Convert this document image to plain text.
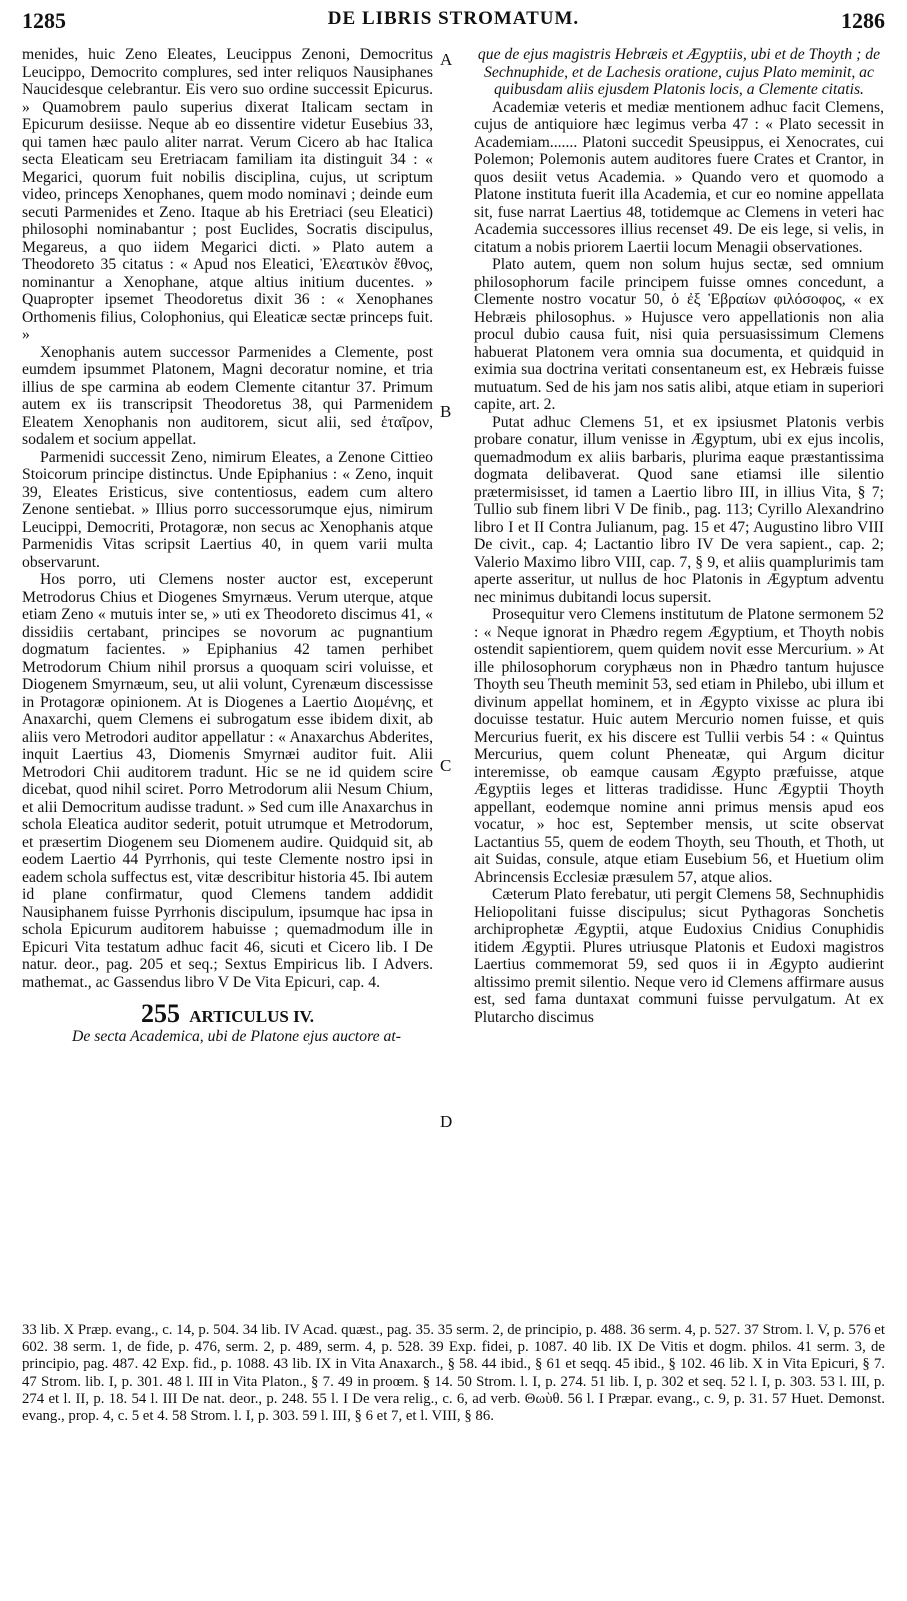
1285	DE LIBRIS STROMATUM.	1286
A
B
C
D

menides, huic Zeno Eleates, Leucippus Zenoni, Democritus Leucippo, Democrito complures, sed inter reliquos Nausiphanes Naucidesque celebrantur. Eis vero suo ordine successit Epicurus. » Quamobrem paulo superius dixerat Italicam sectam in Epicurum desiisse. Neque ab eo dissentire videtur Eusebius 33, qui tamen hæc paulo aliter narrat. Verum Cicero ab hac Italica secta Eleaticam seu Eretriacam familiam ita distinguit 34 : « Megarici, quorum fuit nobilis disciplina, cujus, ut scriptum video, princeps Xenophanes, quem modo nominavi ; deinde eum secuti Parmenides et Zeno. Itaque ab his Eretriaci (seu Eleatici) philosophi nominabantur ; post Euclides, Socratis discipulus, Megareus, a quo iidem Megarici dicti. » Plato autem a Theodoreto 35 citatus : « Apud nos Eleatici, Ἐλεατικὸν ἔθνος, nominantur a Xenophane, atque altius initium ducentes. » Quapropter ipsemet Theodoretus dixit 36 : « Xenophanes Orthomenis filius, Colophonius, qui Eleaticæ sectæ princeps fuit. »

Xenophanis autem successor Parmenides a Clemente, post eumdem ipsummet Platonem, Magni decoratur nomine, et tria illius de spe carmina ab eodem Clemente citantur 37. Primum autem ex iis transcripsit Theodoretus 38, qui Parmenidem Eleatem Xenophanis non auditorem, sicut alii, sed ἑταῖρον, sodalem et socium appellat.

Parmenidi successit Zeno, nimirum Eleates, a Zenone Cittieo Stoicorum principe distinctus. Unde Epiphanius : « Zeno, inquit 39, Eleates Eristicus, sive contentiosus, eadem cum altero Zenone sentiebat. » Illius porro successorumque ejus, nimirum Leucippi, Democriti, Protagoræ, non secus ac Xenophanis atque Parmenidis Vitas scripsit Laertius 40, in quem varii multa observarunt.

Hos porro, uti Clemens noster auctor est, exceperunt Metrodorus Chius et Diogenes Smyrnæus. Verum uterque, atque etiam Zeno « mutuis inter se, » uti ex Theodoreto discimus 41, « dissidiis certabant, principes se novorum ac pugnantium dogmatum facientes. » Epiphanius 42 tamen perhibet Metrodorum Chium nihil prorsus a quoquam sciri voluisse, et Diogenem Smyrnæum, seu, ut alii volunt, Cyrenæum discessisse in Protagoræ opinionem. At is Diogenes a Laertio Διομένης, et Anaxarchi, quem Clemens ei subrogatum esse ibidem dixit, ab aliis vero Metrodori auditor appellatur : « Anaxarchus Abderites, inquit Laertius 43, Diomenis Smyrnæi auditor fuit. Alii Metrodori Chii auditorem tradunt. Hic se ne id quidem scire dicebat, quod nihil sciret. Porro Metrodorum alii Nesum Chium, et alii Democritum audisse tradunt. » Sed cum ille Anaxarchus in schola Eleatica auditor sederit, potuit utrumque et Metrodorum, et præsertim Diogenem seu Diomenem audire. Quidquid sit, ab eodem Laertio 44 Pyrrhonis, qui teste Clemente nostro ipsi in eadem schola suffectus est, vitæ describitur historia 45. Ibi autem id plane confirmatur, quod Clemens tandem addidit Nausiphanem fuisse Pyrrhonis discipulum, ipsumque hac ipsa in schola Epicurum auditorem habuisse ; quemadmodum ille in Epicuri Vita testatum adhuc facit 46, sicuti et Cicero lib. I De natur. deor., pag. 205 et seq.; Sextus Empiricus lib. I Advers. mathemat., ac Gassendus libro V De Vita Epicuri, cap. 4.

255 ARTICULUS IV.

De secta Academica, ubi de Platone ejus auctore at-

que de ejus magistris Hebræis et Ægyptiis, ubi et de Thoyth ; de Sechnuphide, et de Lachesis oratione, cujus Plato meminit, ac quibusdam aliis ejusdem Platonis locis, a Clemente citatis.

Academiæ veteris et mediæ mentionem adhuc facit Clemens, cujus de antiquiore hæc legimus verba 47 : « Plato secessit in Academiam....... Platoni succedit Speusippus, ei Xenocrates, cui Polemon; Polemonis autem auditores fuere Crates et Crantor, in quos desiit vetus Academia. » Quando vero et quomodo a Platone instituta fuerit illa Academia, et cur eo nomine appellata sit, fuse narrat Laertius 48, totidemque ac Clemens in veteri hac Academia successores illius recenset 49. De eis lege, si velis, in citatum a nobis priorem Laertii locum Menagii observationes.

Plato autem, quem non solum hujus sectæ, sed omnium philosophorum facile principem fuisse omnes concedunt, a Clemente nostro vocatur 50, ὁ ἐξ Ἑβραίων φιλόσοφος, « ex Hebræis philosophus. » Hujusce vero appellationis non alia procul dubio causa fuit, nisi quia persuasissimum Clemens habuerat Platonem vera omnia sua documenta, et quidquid in eximia sua doctrina veritati consentaneum est, ex Hebræis fuisse mutuatum. Sed de his jam nos satis alibi, atque etiam in superiori capite, art. 2.

Putat adhuc Clemens 51, et ex ipsiusmet Platonis verbis probare conatur, illum venisse in Ægyptum, ubi ex ejus incolis, quemadmodum ex aliis barbaris, plurima eaque præstantissima dogmata delibaverat. Quod sane etiamsi ille silentio prætermisisset, id tamen a Laertio libro III, in illius Vita, § 7; Tullio sub finem libri V De finib., pag. 113; Cyrillo Alexandrino libro I et II Contra Julianum, pag. 15 et 47; Augustino libro VIII De civit., cap. 4; Lactantio libro IV De vera sapient., cap. 2; Valerio Maximo libro VIII, cap. 7, § 9, et aliis quamplurimis tam aperte asseritur, ut nullus de hoc Platonis in Ægyptum adventu nec minimus dubitandi locus supersit.

Prosequitur vero Clemens institutum de Platone sermonem 52 : « Neque ignorat in Phædro regem Ægyptium, et Thoyth nobis ostendit sapientiorem, quem quidem novit esse Mercurium. » At ille philosophorum coryphæus non in Phædro tantum hujusce Thoyth seu Theuth meminit 53, sed etiam in Philebo, ubi illum et divinum appellat hominem, et in Ægypto vixisse ac plura ibi docuisse testatur. Huic autem Mercurio nomen fuisse, et quis Mercurius fuerit, ex his discere est Tullii verbis 54 : « Quintus Mercurius, quem colunt Pheneatæ, qui Argum dicitur interemisse, ob eamque causam Ægypto præfuisse, atque Ægyptiis leges et litteras tradidisse. Hunc Ægyptii Thoyth appellant, eodemque nomine anni primus mensis apud eos vocatur, » hoc est, September mensis, ut scite observat Lactantius 55, quem de eodem Thoyth, seu Thouth, et Thoth, ut ait Suidas, consule, atque etiam Eusebium 56, et Huetium olim Abrincensis Ecclesiæ præsulem 57, atque alios.

Cæterum Plato ferebatur, uti pergit Clemens 58, Sechnuphidis Heliopolitani fuisse discipulus; sicut Pythagoras Sonchetis archiprophetæ Ægyptii, atque Eudoxius Cnidius Conuphidis itidem Ægyptii. Plures utriusque Platonis et Eudoxi magistros Laertius commemorat 59, sed quos ii in Ægypto audierint altissimo premit silentio. Neque vero id Clemens affirmare ausus est, sed fama duntaxat communi fuisse pervulgatum. At ex Plutarcho discimus

33 lib. X Præp. evang., c. 14, p. 504. 34 lib. IV Acad. quæst., pag. 35. 35 serm. 2, de principio, p. 488. 36 serm. 4, p. 527. 37 Strom. l. V, p. 576 et 602. 38 serm. 1, de fide, p. 476, serm. 2, p. 489, serm. 4, p. 528. 39 Exp. fidei, p. 1087. 40 lib. IX De Vitis et dogm. philos. 41 serm. 3, de principio, pag. 487. 42 Exp. fid., p. 1088. 43 lib. IX in Vita Anaxarch., § 58. 44 ibid., § 61 et seqq. 45 ibid., § 102. 46 lib. X in Vita Epicuri, § 7. 47 Strom. lib. I, p. 301. 48 l. III in Vita Platon., § 7. 49 in proœm. § 14. 50 Strom. l. I, p. 274. 51 lib. I, p. 302 et seq. 52 l. I, p. 303. 53 l. III, p. 274 et l. II, p. 18. 54 l. III De nat. deor., p. 248. 55 l. I De vera relig., c. 6, ad verb. Θωὺθ. 56 l. I Præpar. evang., c. 9, p. 31. 57 Huet. Demonst. evang., prop. 4, c. 5 et 4. 58 Strom. l. I, p. 303. 59 l. III, § 6 et 7, et l. VIII, § 86.
